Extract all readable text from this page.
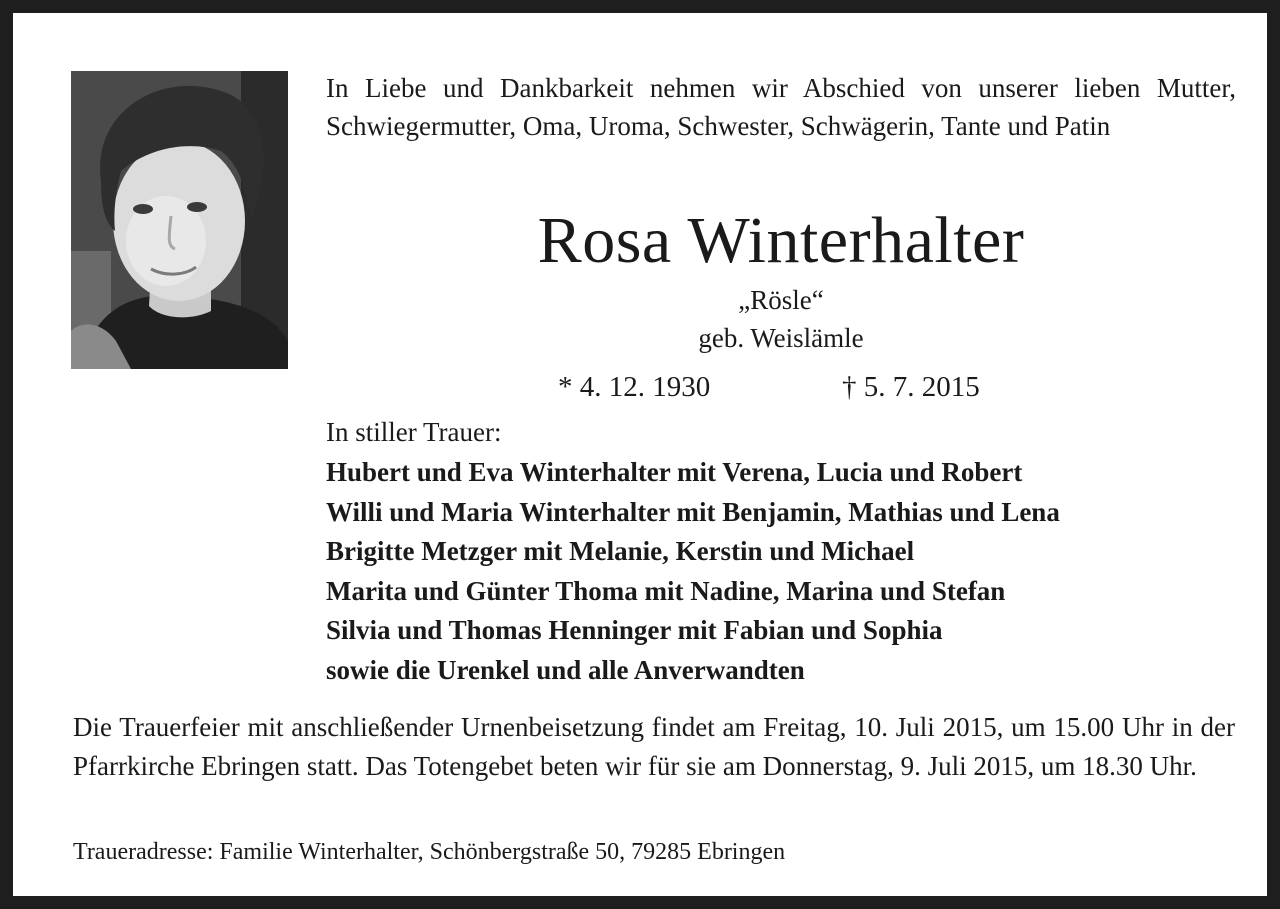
In Liebe und Dankbarkeit nehmen wir Abschied von unserer lieben Mutter, Schwiegermutter, Oma, Uroma, Schwester, Schwägerin, Tante und Patin
Rosa Winterhalter
„Rösle“
geb. Weislämle
* 4. 12. 1930	† 5. 7. 2015
In stiller Trauer:
Hubert und Eva Winterhalter mit Verena, Lucia und Robert
Willi und Maria Winterhalter mit Benjamin, Mathias und Lena
Brigitte Metzger mit Melanie, Kerstin und Michael
Marita und Günter Thoma mit Nadine, Marina und Stefan
Silvia und Thomas Henninger mit Fabian und Sophia
sowie die Urenkel und alle Anverwandten
Die Trauerfeier mit anschließender Urnenbeisetzung findet am Freitag, 10. Juli 2015, um 15.00 Uhr in der Pfarrkirche Ebringen statt. Das Totengebet beten wir für sie am Donnerstag, 9. Juli 2015, um 18.30 Uhr.
Traueradresse: Familie Winterhalter, Schönbergstraße 50, 79285 Ebringen
